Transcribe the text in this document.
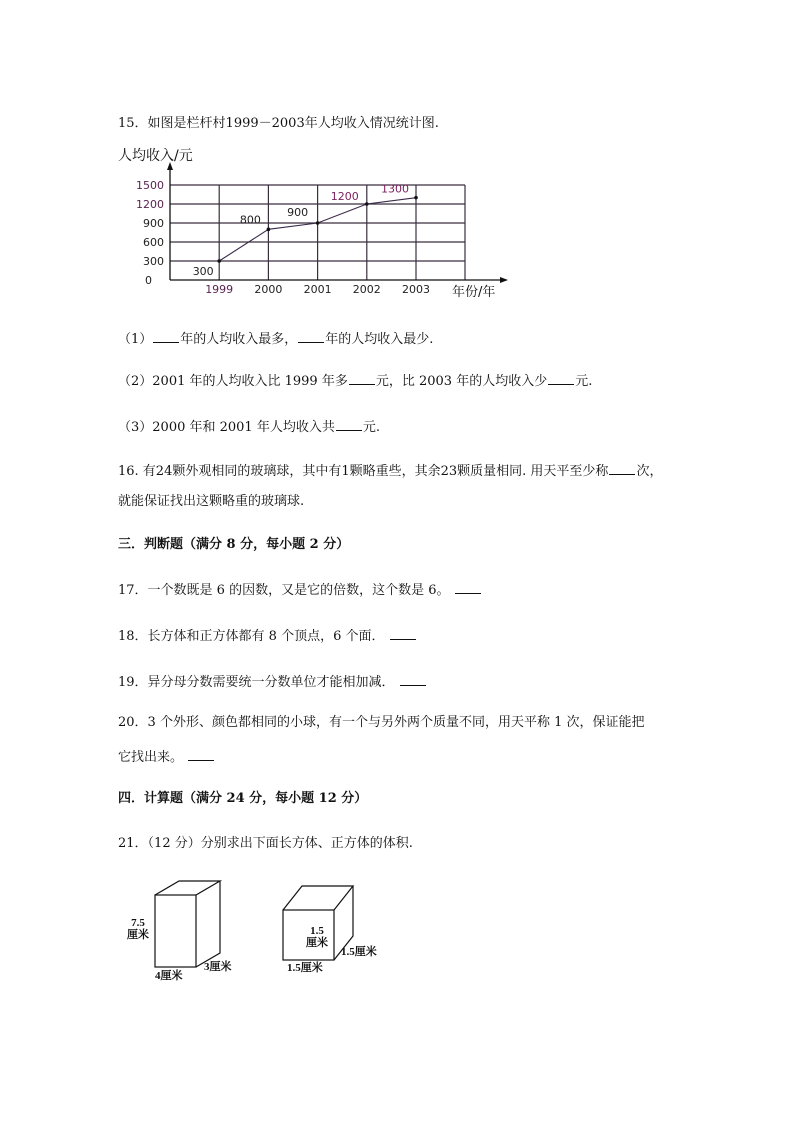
15．如图是栏杆村1999－2003年人均收入情况统计图.
0
300
600
900
1200
1500
1999 2000 2001 2002 2003
300
800
900
1200
1300
人均收入/元
年份/年
（1） 年的人均收入最多， 年的人均收入最少.
（2）2001 年的人均收入比 1999 年多 元，比 2003 年的人均收入少 元.
（3）2000 年和 2001 年人均收入共 元.
16. 有24颗外观相同的玻璃球，其中有1颗略重些，其余23颗质量相同. 用天平至少称 次，
就能保证找出这颗略重的玻璃球.
三．判断题（满分 8 分，每小题 2 分）
17．一个数既是 6 的因数，又是它的倍数，这个数是 6。
18．长方体和正方体都有 8 个顶点，6 个面．
19．异分母分数需要统一分数单位才能相加减．
20．3 个外形、颜色都相同的小球，有一个与另外两个质量不同，用天平称 1 次，保证能把
它找出来。
四．计算题（满分 24 分，每小题 12 分）
21．（12 分）分别求出下面长方体、正方体的体积.
7.5
厘米
4厘米
3厘米
1.5
厘米
1.5厘米
1.5厘米
